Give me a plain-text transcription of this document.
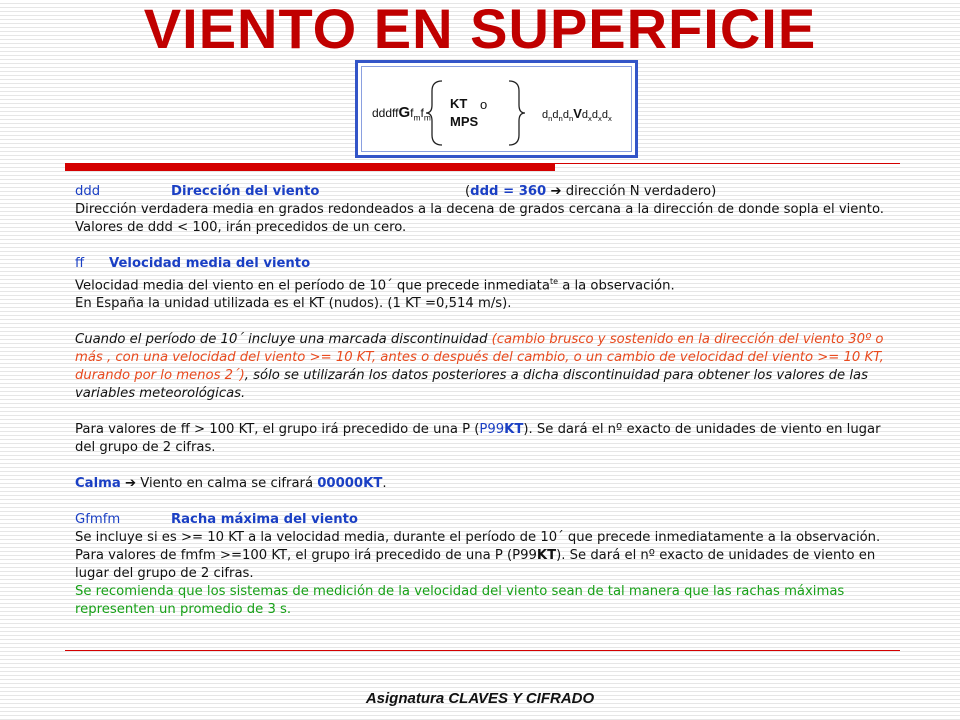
VIENTO EN SUPERFICIE
$dddffGf_mf_m$
KT o
MPS	$d_nd_nd_nVd_xd_xd_x$

ddd	Dirección del viento	(ddd = 360 ➔ dirección N verdadero)

Dirección verdadera media en grados redondeados a la decena de grados cercana a la dirección de donde sopla el viento.

Valores de ddd < 100, irán precedidos de un cero.

ff Velocidad media del viento

Velocidad media del viento en el período de 10´ que precede inmediata$^{te}$ a la observación.

En España la unidad utilizada es el KT (nudos). (1 KT =0,514 m/s).

Cuando el período de 10´ incluye una marcada discontinuidad (cambio brusco y sostenido en la dirección del viento 30º o más , con una velocidad del viento >= 10 KT, antes o después del cambio, o un cambio de velocidad del viento >= 10 KT, durando por lo menos 2´), sólo se utilizarán los datos posteriores a dicha discontinuidad para obtener los valores de las variables meteorológicas.

Para valores de ff > 100 KT, el grupo irá precedido de una P (P99KT). Se dará el nº exacto de unidades de viento en lugar del grupo de 2 cifras.

Calma ➔ Viento en calma se cifrará 00000KT.

Gfmfm	Racha máxima del viento

Se incluye si es >= 10 KT a la velocidad media, durante el período de 10´ que precede inmediatamente a la observación.

Para valores de fmfm >=100 KT, el grupo irá precedido de una P (P99KT). Se dará el nº exacto de unidades de viento en lugar del grupo de 2 cifras.

Se recomienda que los sistemas de medición de la velocidad del viento sean de tal manera que las rachas máximas representen un promedio de 3 s.

Asignatura CLAVES Y CIFRADO
